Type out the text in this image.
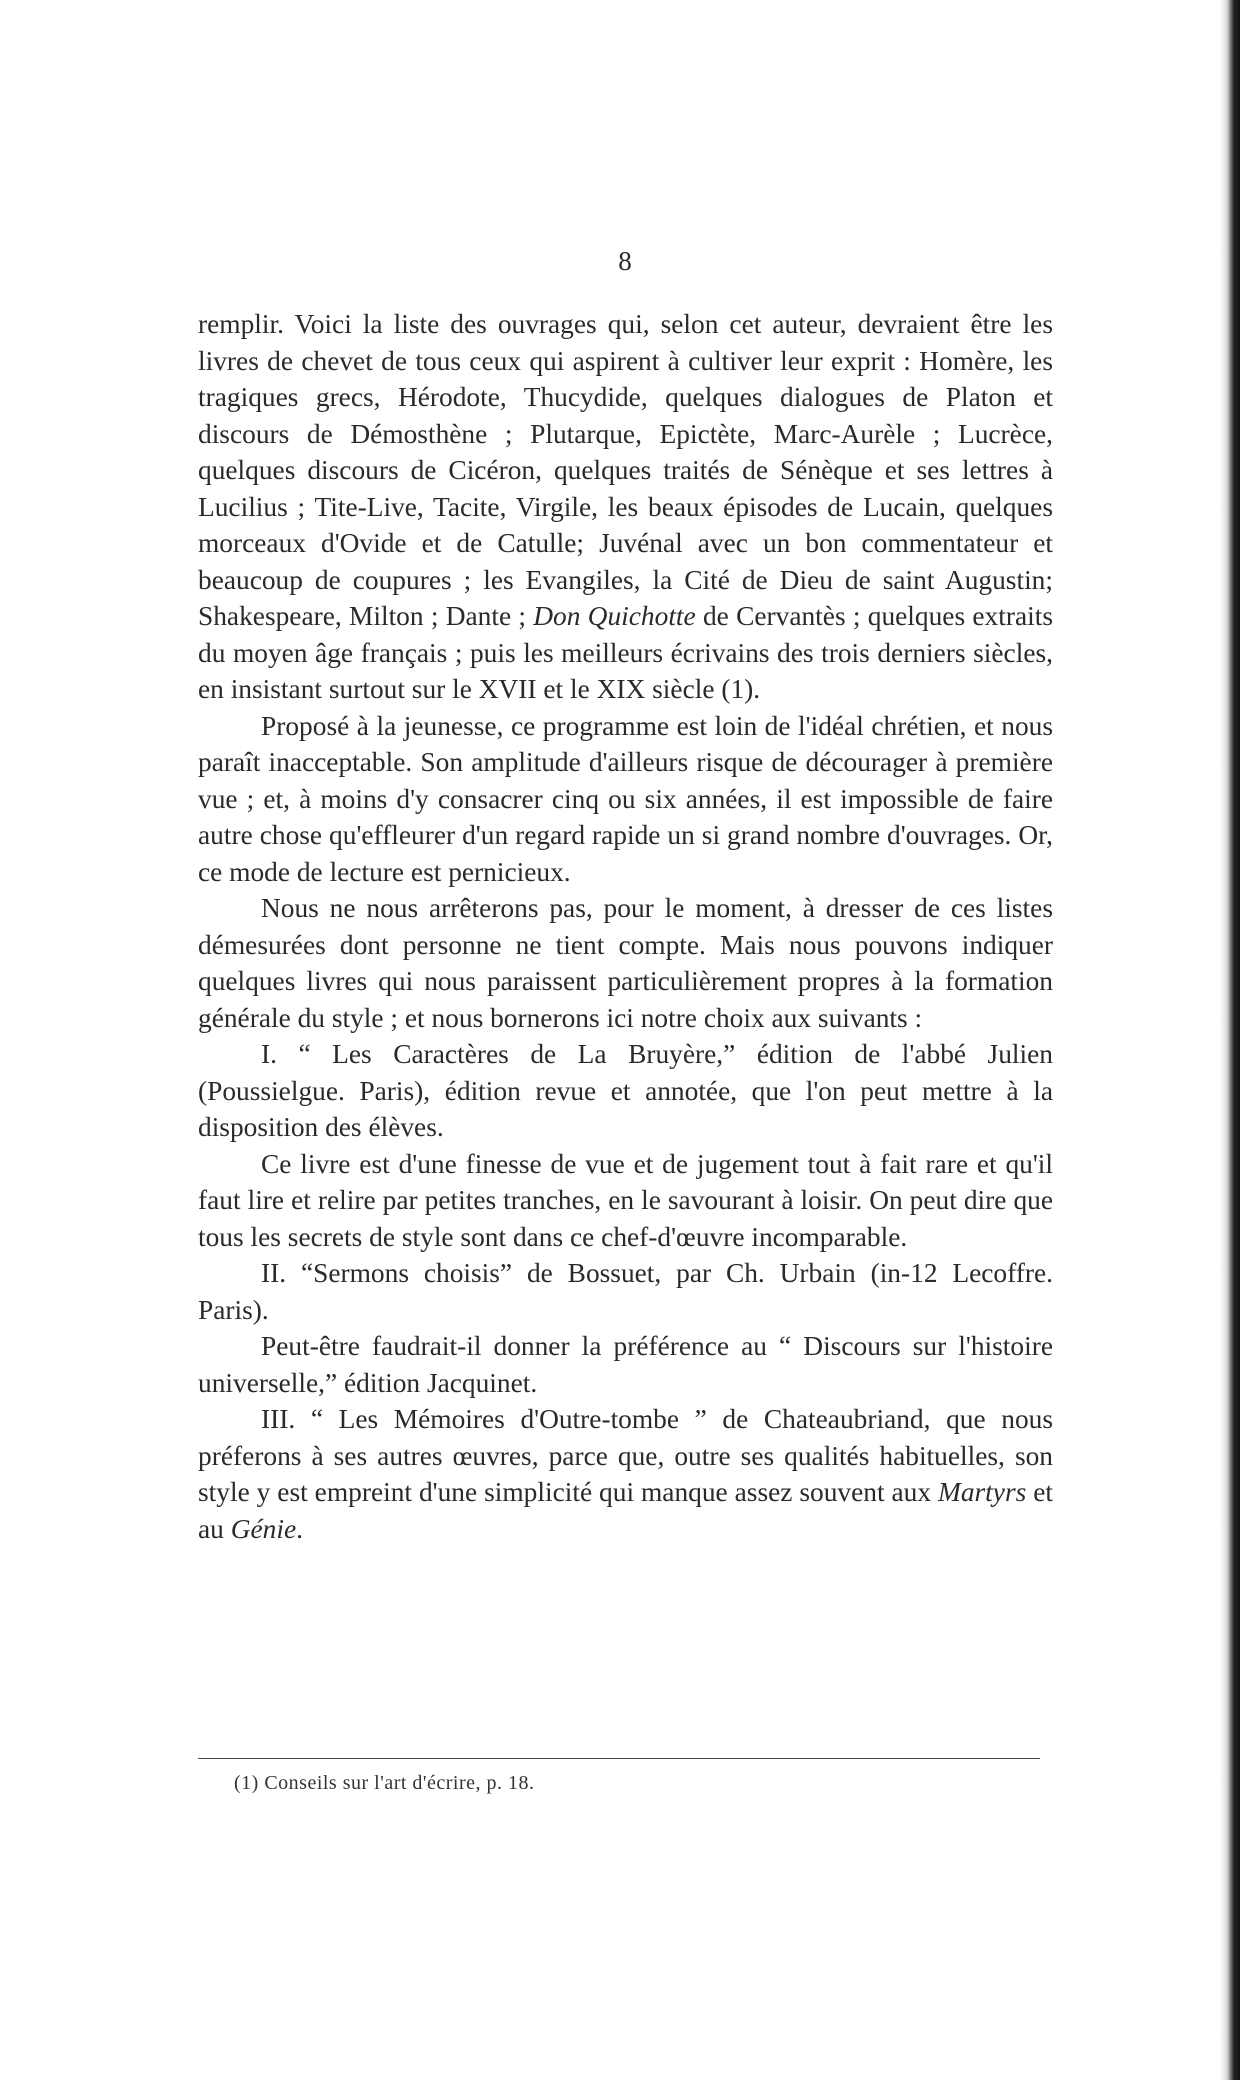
8

remplir. Voici la liste des ouvrages qui, selon cet auteur, devraient être les livres de chevet de tous ceux qui aspirent à cultiver leur exprit : Homère, les tragiques grecs, Hérodote, Thucydide, quelques dialogues de Platon et discours de Démosthène ; Plutarque, Epictète, Marc-Aurèle ; Lucrèce, quelques discours de Cicéron, quelques traités de Sénèque et ses lettres à Lucilius ; Tite-Live, Tacite, Virgile, les beaux épisodes de Lucain, quelques morceaux d'Ovide et de Catulle; Juvénal avec un bon commentateur et beaucoup de coupures ; les Evangiles, la Cité de Dieu de saint Augustin; Shakespeare, Milton ; Dante ; Don Quichotte de Cervantès ; quelques extraits du moyen âge français ; puis les meilleurs écrivains des trois derniers siècles, en insistant surtout sur le XVII et le XIX siècle (1).

Proposé à la jeunesse, ce programme est loin de l'idéal chrétien, et nous paraît inacceptable. Son amplitude d'ailleurs risque de décourager à première vue ; et, à moins d'y consacrer cinq ou six années, il est impossible de faire autre chose qu'effleurer d'un regard rapide un si grand nombre d'ouvrages. Or, ce mode de lecture est pernicieux.

Nous ne nous arrêterons pas, pour le moment, à dresser de ces listes démesurées dont personne ne tient compte. Mais nous pouvons indiquer quelques livres qui nous paraissent particulièrement propres à la formation générale du style ; et nous bornerons ici notre choix aux suivants :

I. “ Les Caractères de La Bruyère,” édition de l'abbé Julien (Poussielgue. Paris), édition revue et annotée, que l'on peut mettre à la disposition des élèves.

Ce livre est d'une finesse de vue et de jugement tout à fait rare et qu'il faut lire et relire par petites tranches, en le savourant à loisir. On peut dire que tous les secrets de style sont dans ce chef-d'œuvre incomparable.

II. “Sermons choisis” de Bossuet, par Ch. Urbain (in-12 Lecoffre. Paris).

Peut-être faudrait-il donner la préférence au “ Discours sur l'histoire universelle,” édition Jacquinet.

III. “ Les Mémoires d'Outre-tombe ” de Chateaubriand, que nous préferons à ses autres œuvres, parce que, outre ses qualités habituelles, son style y est empreint d'une simplicité qui manque assez souvent aux Martyrs et au Génie.

(1) Conseils sur l'art d'écrire, p. 18.
